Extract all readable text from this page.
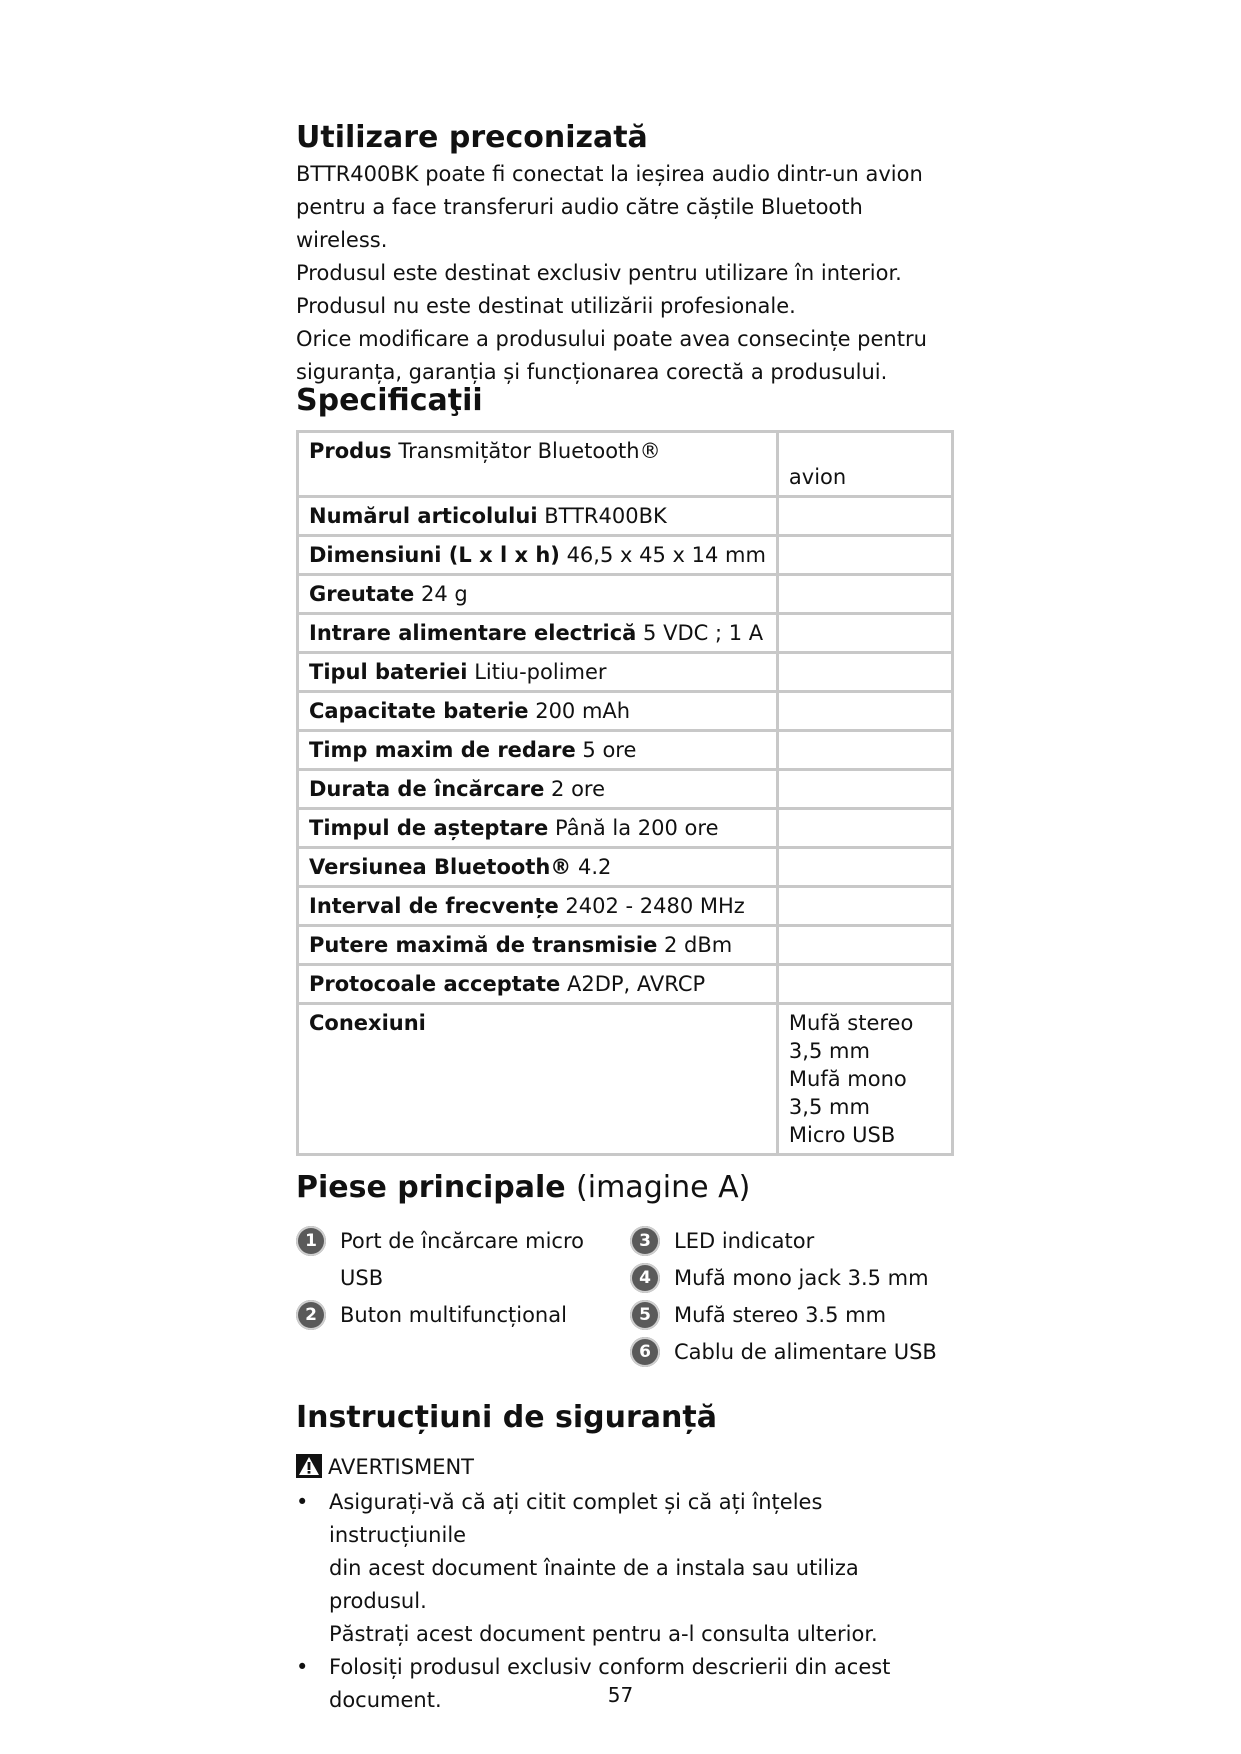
Utilizare preconizată

BTTR400BK poate fi conectat la ieșirea audio dintr-un avion

pentru a face transferuri audio către căștile Bluetooth wireless.

Produsul este destinat exclusiv pentru utilizare în interior.

Produsul nu este destinat utilizării profesionale.

Orice modificare a produsului poate avea consecințe pentru

siguranța, garanția și funcționarea corectă a produsului.

Specificaţii
Produs Transmițător Bluetooth®	avion
Numărul articolului BTTR400BK	
Dimensiuni (L x l x h) 46,5 x 45 x 14 mm	
Greutate 24 g	
Intrare alimentare electrică 5 VDC ; 1 A	
Tipul bateriei Litiu-polimer	
Capacitate baterie 200 mAh	
Timp maxim de redare 5 ore	
Durata de încărcare 2 ore	
Timpul de așteptare Până la 200 ore	
Versiunea Bluetooth® 4.2	
Interval de frecvențe 2402 - 2480 MHz	
Putere maximă de transmisie 2 dBm	
Protocoale acceptate A2DP, AVRCP	
Conexiuni	Mufă stereo 3,5 mm
Mufă mono 3,5 mm
Micro USB
Piese principale (imagine A)
1	Port de încărcare micro
USB
2	Buton multifuncțional
3	LED indicator
4	Mufă mono jack 3.5 mm
5	Mufă stereo 3.5 mm
6	Cablu de alimentare USB
Instrucțiuni de siguranță
AVERTISMENT
• Asigurați-vă că ați citit complet și că ați înțeles instrucțiunile
din acest document înainte de a instala sau utiliza produsul.
Păstrați acest document pentru a-l consulta ulterior.
• Folosiți produsul exclusiv conform descrierii din acest
document.	57
